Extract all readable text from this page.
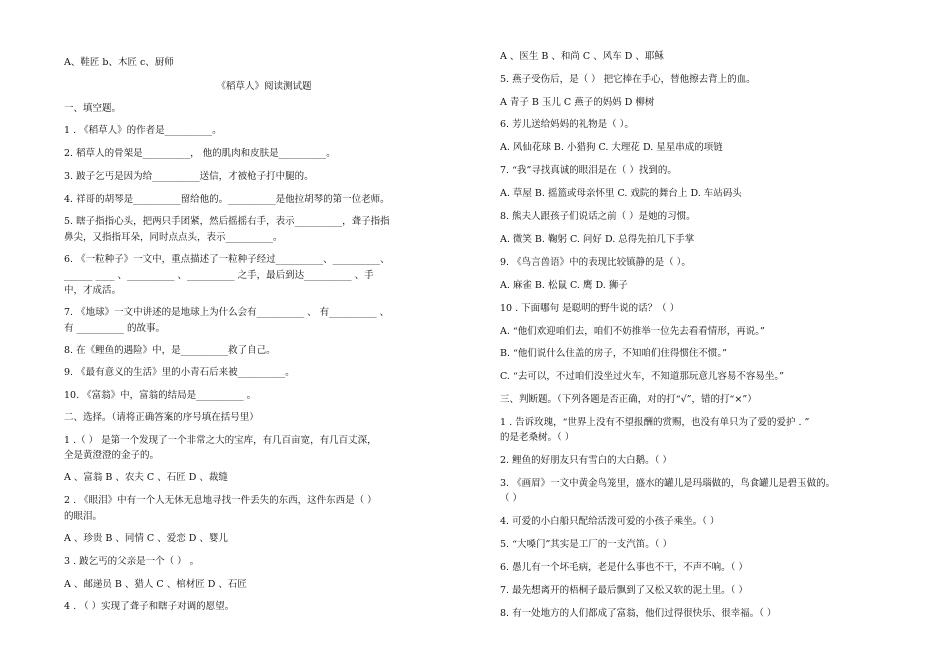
A、鞋匠 b、木匠 c、厨师
《稻草人》阅读测试题
一、填空题。
1 . 《稻草人》的作者是__________。
2. 稻草人的骨架是__________， 他的肌肉和皮肤是__________。
3. 跛子乞丐是因为给__________送信，才被枪子打中腿的。
4. 祥哥的胡琴是__________留给他的。__________是他拉胡琴的第一位老师。
5. 瞎子指指心头，把两只手团紧，然后摇摇右手，表示__________，聋子指指
鼻尖，又指指耳朵，同时点点头，表示__________。
6. 《一粒种子》一文中，重点描述了一粒种子经过__________、__________、
______ ____ 、__________ 、__________ 之手，最后到达__________ 、手
中，才成活。
7. 《地球》一文中讲述的是地球上为什么会有__________ 、 有__________ 、
有 __________ 的故事。
8. 在《鲤鱼的遇险》中，是__________救了自己。
9. 《最有意义的生活》里的小青石后来被__________。
10. 《富翁》中，富翁的结局是__________ 。
二、选择。（请将正确答案的序号填在括号里）
1 .（ ） 是第一个发现了一个非常之大的宝库，有几百亩宽，有几百丈深，
全是黄澄澄的金子的。
A 、富翁 B 、农夫 C 、石匠 D 、裁缝
2 . 《眼泪》中有一个人无休无息地寻找一件丢失的东西，这件东西是（ ）
的眼泪。
A 、珍贵 B 、同情 C 、爱恋 D 、婴儿
3 . 跛乞丐的父亲是一个（ ） 。
A 、邮递员 B 、猎人 C 、棺材匠 D 、石匠
4 . （ ）实现了聋子和瞎子对调的愿望。
A 、医生 B 、和尚 C 、风车 D 、耶稣
5. 燕子受伤后，是（ ） 把它捧在手心，替他擦去背上的血。
A 青子 B 玉儿 C 燕子的妈妈 D 柳树
6. 芳儿送给妈妈的礼物是（ ）。
A. 风仙花球 B. 小猎狗 C. 大理花 D. 星星串成的项链
7. “我”寻找真诚的眼泪是在（ ）找到的。
A. 草屋 B. 摇篮或母亲怀里 C. 戏院的舞台上 D. 车站码头
8. 熊夫人跟孩子们说话之前（ ）是她的习惯。
A. 微笑 B. 鞠躬 C. 问好 D. 总得先拍几下手掌
9. 《鸟言兽语》中的表现比较镇静的是（ ）。
A. 麻雀 B. 松鼠 C. 鹰 D. 狮子
10 . 下面哪句 是聪明的野牛说的话？（ ）
A. “他们欢迎咱们去，咱们不妨推举一位先去看看情形，再说。”
B. “他们说什么住盖的房子，不知咱们住得惯住不惯。”
C. “去可以，不过咱们没坐过火车，不知道那玩意儿容易不容易坐。”
三、判断题。（下列各题是否正确，对的打“√”，错的打“×”）
1 . 告诉玫瑰，“世界上没有不望报酬的赏赐，也没有单只为了爱的爱护 . ”
的是老桑树。（ ）
2. 鲤鱼的好朋友只有雪白的大白鹅。（ ）
3. 《画眉》一文中黄金鸟笼里，盛水的罐儿是玛瑙做的，鸟食罐儿是碧玉做的。
（ ）
4. 可爱的小白船只配给活泼可爱的小孩子乘坐。（ ）
5. “大嗓门”其实是工厂的一支汽笛。（ ）
6. 愚儿有一个坏毛病，老是什么事也不干，不声不响。（ ）
7. 最先想离开的梧桐子最后飘到了又松又软的泥土里。（ ）
8. 有一处地方的人们都成了富翁，他们过得很快乐、很幸福。（ ）
